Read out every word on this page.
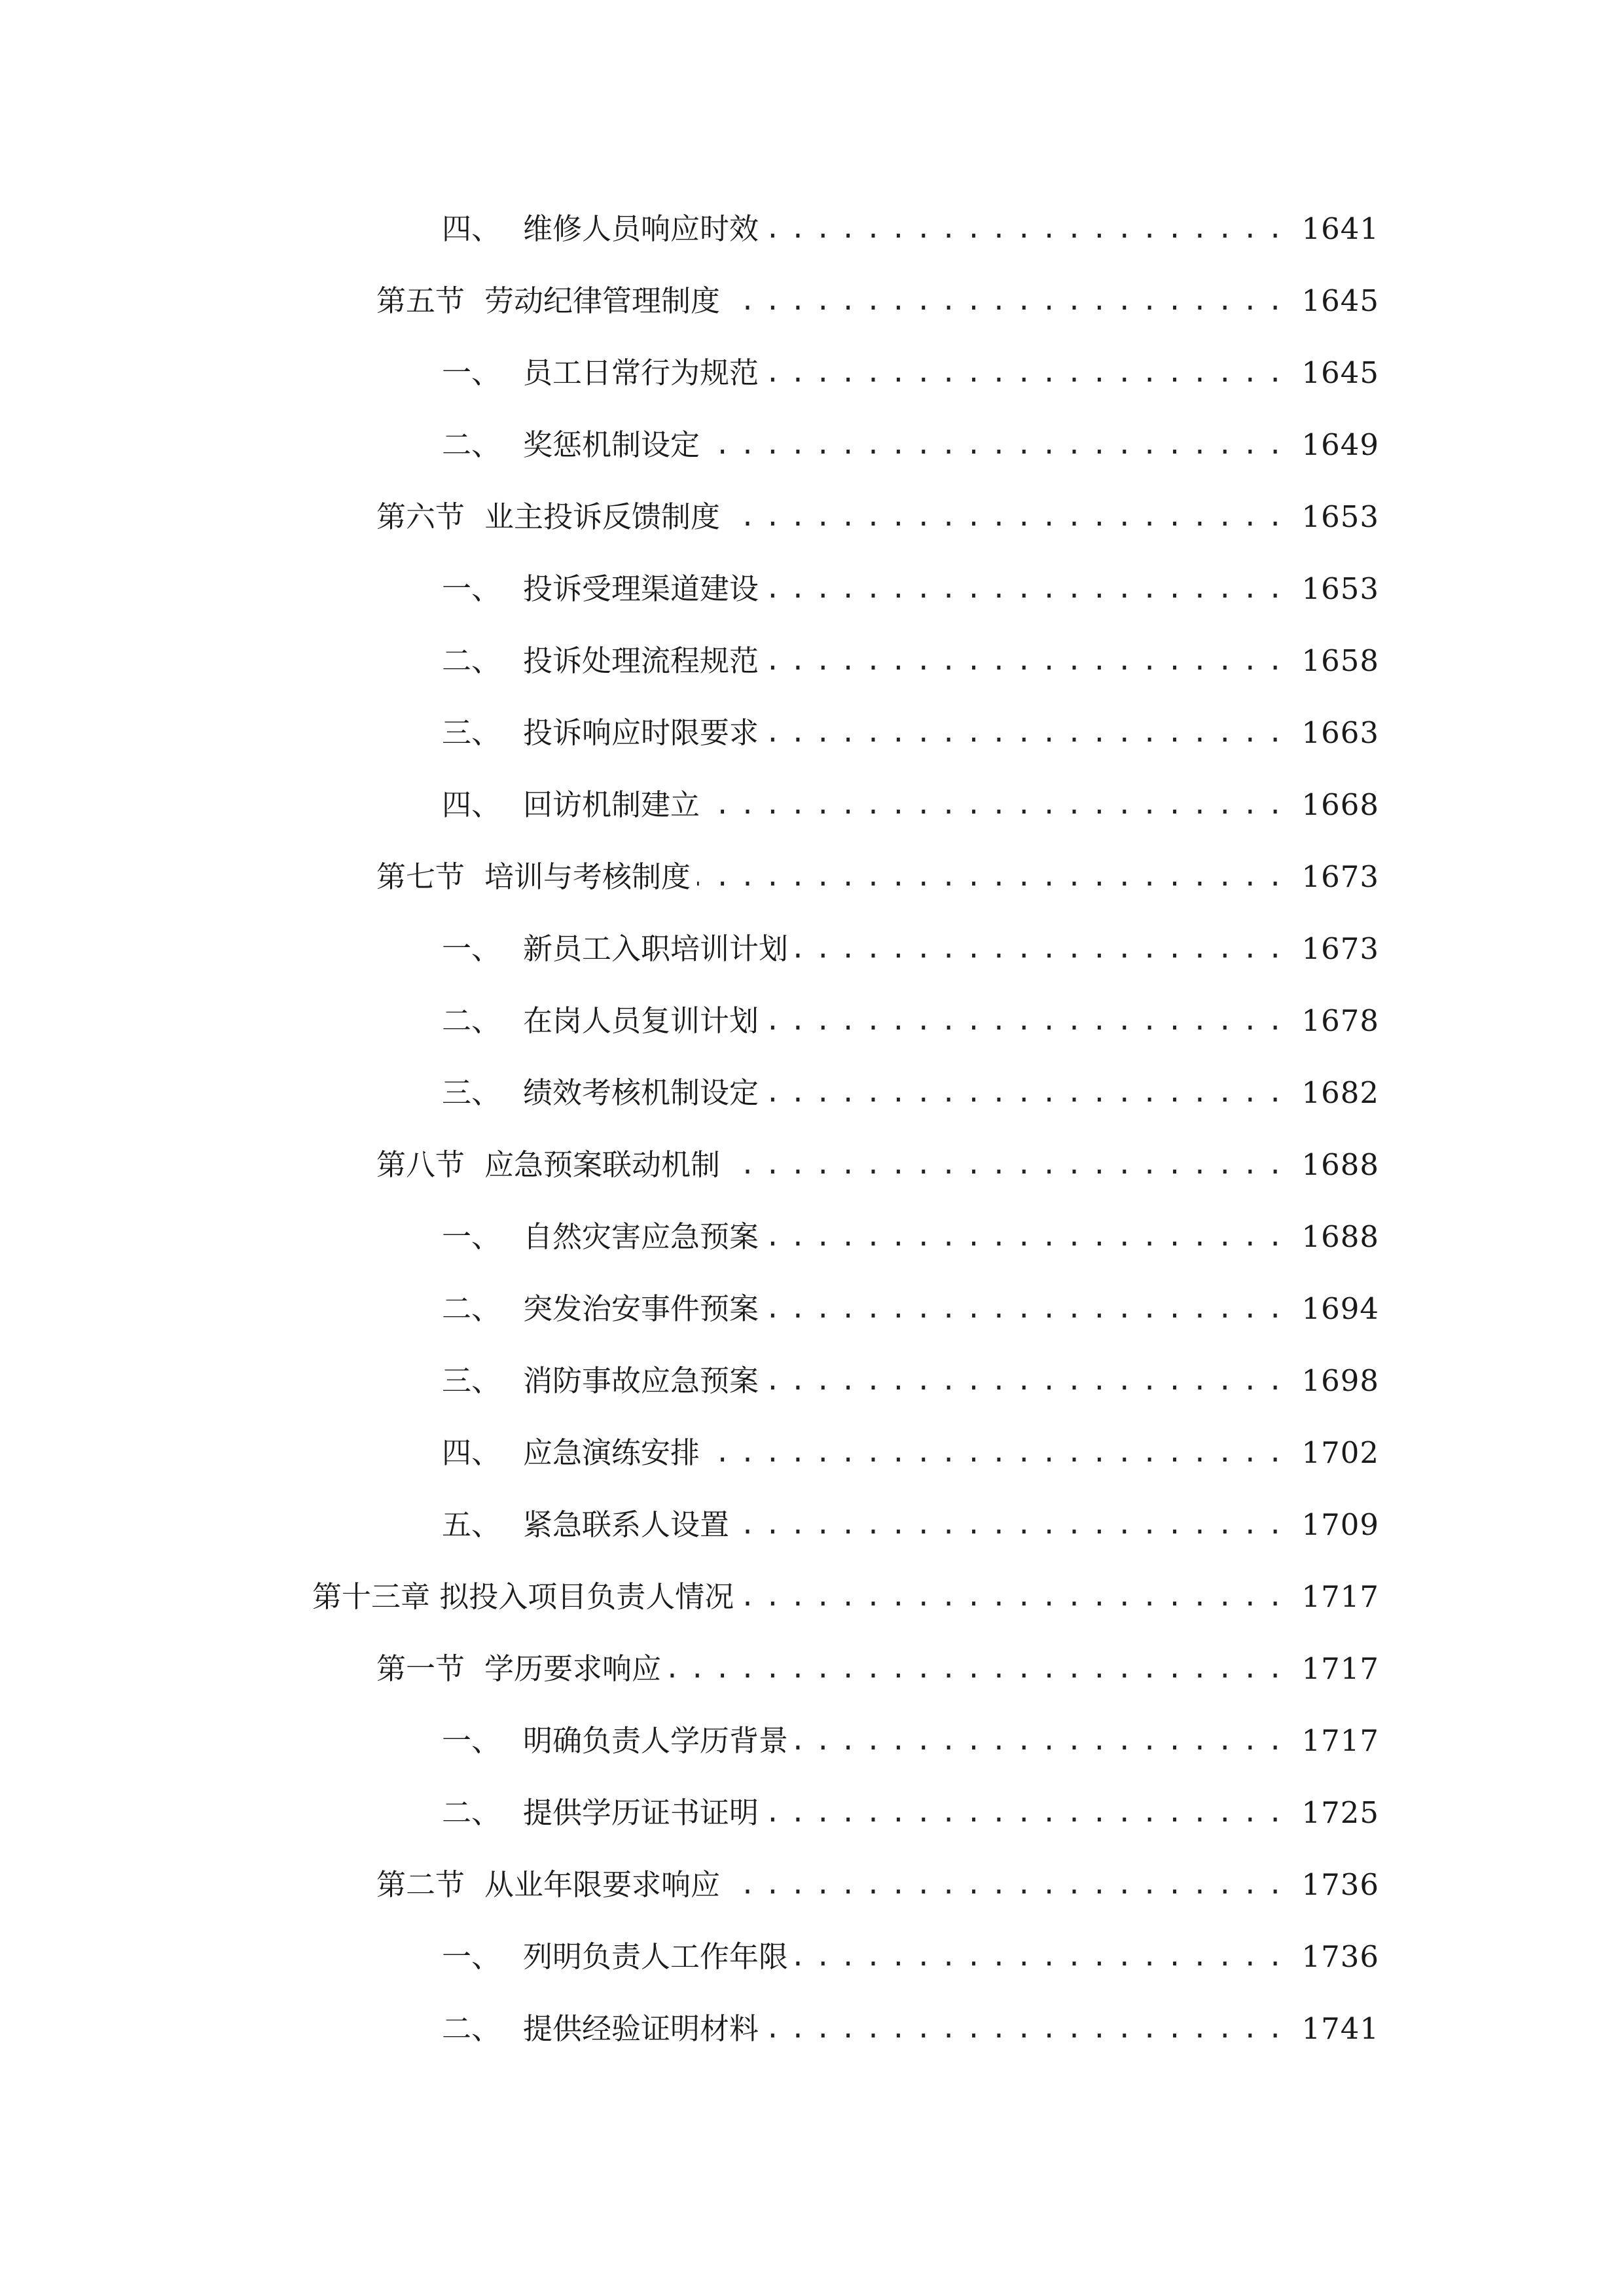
四、 维修人员响应时效 .....	1641
第五节 劳动纪律管理制度 .....	1645
一、 员工日常行为规范 .....	1645
二、 奖惩机制设定 .....	1649
第六节 业主投诉反馈制度 .....	1653
一、 投诉受理渠道建设 .....	1653
二、 投诉处理流程规范 .....	1658
三、 投诉响应时限要求 .....	1663
四、 回访机制建立 .....	1668
第七节 培训与考核制度 .....	1673
一、 新员工入职培训计划 .....	1673
二、 在岗人员复训计划 .....	1678
三、 绩效考核机制设定 .....	1682
第八节 应急预案联动机制 .....	1688
一、 自然灾害应急预案 .....	1688
二、 突发治安事件预案 .....	1694
三、 消防事故应急预案 .....	1698
四、 应急演练安排 .....	1702
五、 紧急联系人设置 .....	1709
第十三章 拟投入项目负责人情况 .....	1717
第一节 学历要求响应 .....	1717
一、 明确负责人学历背景 .....	1717
二、 提供学历证书证明 .....	1725
第二节 从业年限要求响应 .....	1736
一、 列明负责人工作年限 .....	1736
二、 提供经验证明材料 .....	1741
